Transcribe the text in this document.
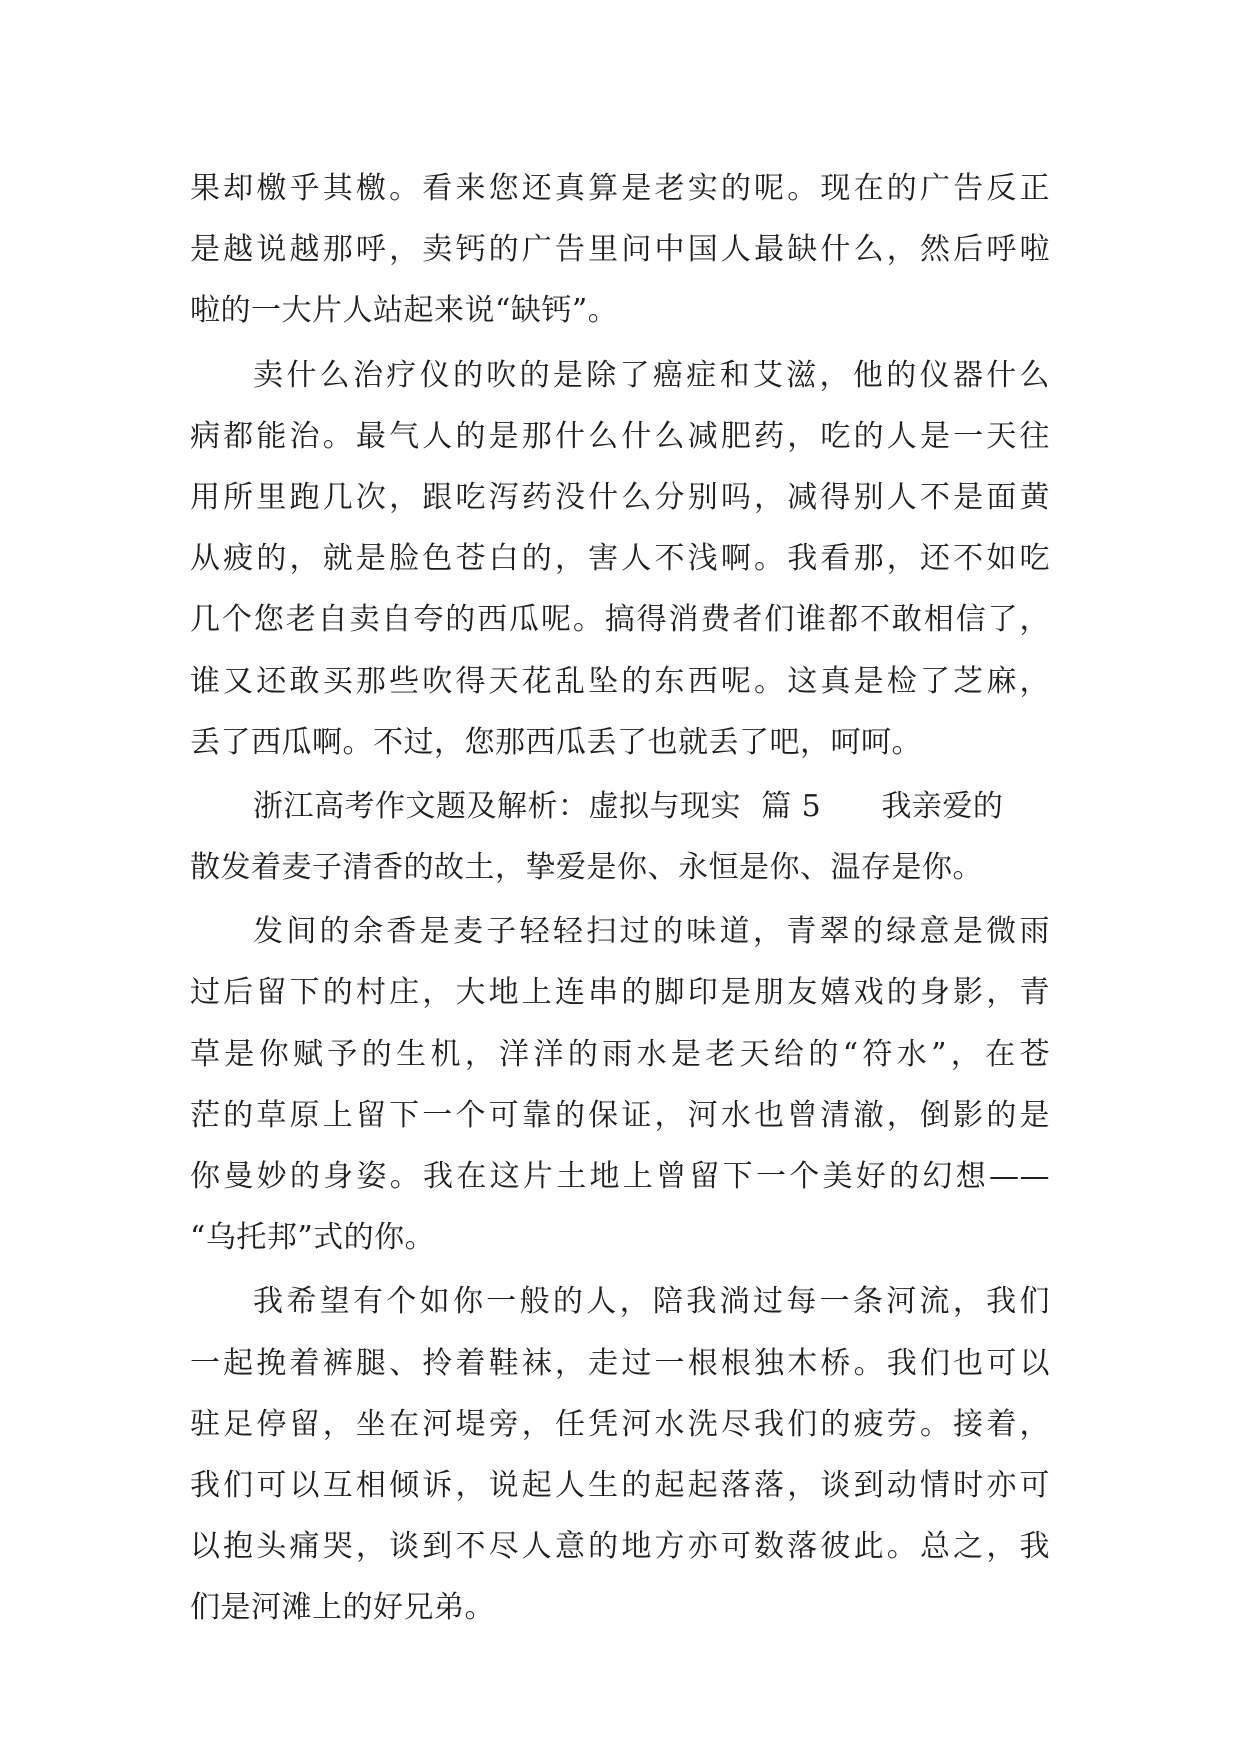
果却檄乎其檄。看来您还真算是老实的呢。现在的广告反正
是越说越那呼，卖钙的广告里问中国人最缺什么，然后呼啦
啦的一大片人站起来说“缺钙”。
卖什么治疗仪的吹的是除了癌症和艾滋，他的仪器什么
病都能治。最气人的是那什么什么减肥药，吃的人是一天往
用所里跑几次，跟吃泻药没什么分别吗，减得别人不是面黄
从疲的，就是脸色苍白的，害人不浅啊。我看那，还不如吃
几个您老自卖自夸的西瓜呢。搞得消费者们谁都不敢相信了，
谁又还敢买那些吹得天花乱坠的东西呢。这真是检了芝麻，
丢了西瓜啊。不过，您那西瓜丢了也就丢了吧，呵呵。
浙江高考作文题及解析：虚拟与现实  篇 5      我亲爱的
散发着麦子清香的故土，挚爱是你、永恒是你、温存是你。
发间的余香是麦子轻轻扫过的味道，青翠的绿意是微雨
过后留下的村庄，大地上连串的脚印是朋友嬉戏的身影，青
草是你赋予的生机，洋洋的雨水是老天给的“符水”，在苍
茫的草原上留下一个可靠的保证，河水也曾清澈，倒影的是
你曼妙的身姿。我在这片土地上曾留下一个美好的幻想——
“乌托邦”式的你。
我希望有个如你一般的人，陪我淌过每一条河流，我们
一起挽着裤腿、拎着鞋袜，走过一根根独木桥。我们也可以
驻足停留，坐在河堤旁，任凭河水洗尽我们的疲劳。接着，
我们可以互相倾诉，说起人生的起起落落，谈到动情时亦可
以抱头痛哭，谈到不尽人意的地方亦可数落彼此。总之，我
们是河滩上的好兄弟。
